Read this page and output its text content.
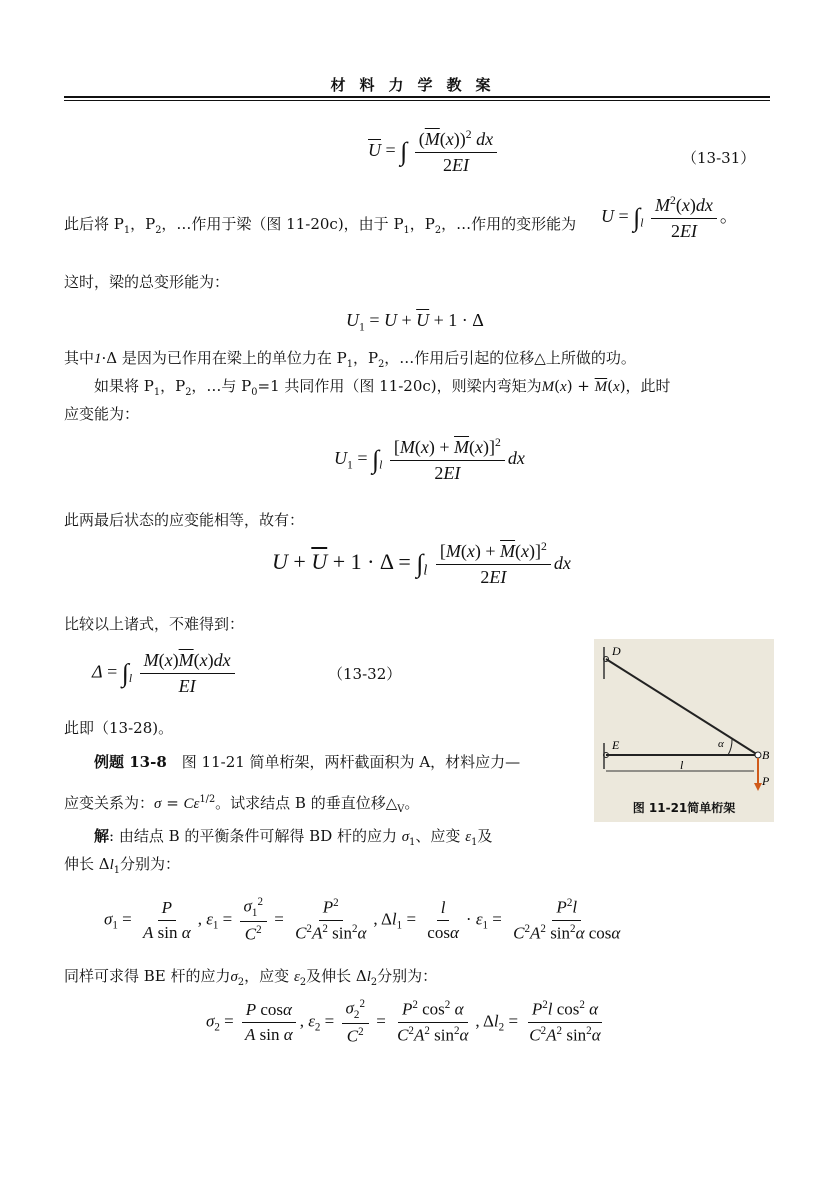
材料力学教案
$\overline{U}$ = ∫ $\frac{(\overline{M}(x))^2 dx}{2EI}$	（13-31）
此后将 $P_1$，$P_2$，…作用于梁（图 11-20c)，由于 $P_1$，$P_2$，…作用的变形能为 $U = \int_l \frac{M^2(x)dx}{2EI}$ 。
这时，梁的总变形能为：
$U_1 = U + \overline{U} + 1 \cdot \Delta$
其中1·Δ 是因为已作用在梁上的单位力在 $P_1$，$P_2$，…作用后引起的位移△上所做的功。
如果将 $P_1$，$P_2$，…与 $P_0=1$ 共同作用（图 11-20c)，则梁内弯矩为$M(x) + \overline{M}(x)$，此时
应变能为：
$U_1 = \int_l \frac{[M(x) + \overline{M}(x)]^2}{2EI}$ dx
此两最后状态的应变能相等，故有：
$U + \overline{U} + 1 \cdot \Delta = \int_l \frac{[M(x) + \overline{M}(x)]^2}{2EI}$ dx
比较以上诸式，不难得到：
$\Delta = \int_l \frac{M(x)\overline{M}(x)dx}{EI}$	（13-32）
此即（13-28)。
例题 13-8　 图 11-21 简单桁架，两杆截面积为 A，材料应力—
应变关系为：$\sigma = C\varepsilon^{1/2}$。试求结点 B 的垂直位移$\triangle_V$。
解: 由结点 B 的平衡条件可解得 BD 杆的应力 $\sigma_1$、应变 $\varepsilon_1$及
伸长 $\Delta l_1$分别为：
$\sigma_1 = \frac{P}{\text{A sin α}}$ , $\varepsilon_1 = \frac{\sigma_1^2}{C^2} = \frac{P^2}{C^2A^2 \sin^2\alpha}$ , $\Delta l_1 = \frac{l}{\cos\alpha} \cdot \varepsilon_1 = \frac{P^2l}{C^2A^2 \sin^2\alpha \cos\alpha}$
同样可求得 BE 杆的应力$\sigma_2$，应变 $\varepsilon_2$及伸长 $\Delta l_2$分别为：
$\sigma_2 = \frac{\text{P cosα}}{\text{A sin α}}$ , $\varepsilon_2 = \frac{\sigma_2^2}{C^2} = \frac{P^2 \cos^2 \alpha}{C^2A^2 \sin^2\alpha}$ , $\Delta l_2 = \frac{P^2l \cos^2 \alpha}{C^2A^2 \sin^2\alpha}$
D
E
B
P
l
α
图 11-21简单桁架
